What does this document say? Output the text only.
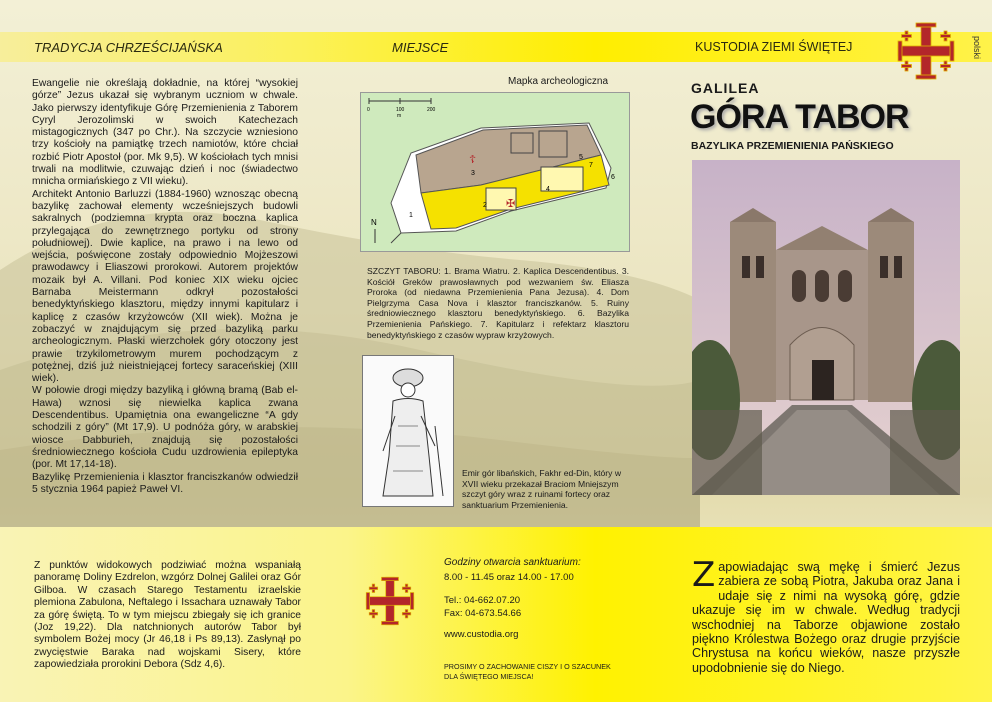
TRADYCJA CHRZEŚCIJAŃSKA	MIEJSCE	KUSTODIA ZIEMI ŚWIĘTEJ	polski

Ewangelie nie określają dokładnie, na której “wysokiej górze” Jezus ukazał się wybranym uczniom w chwale. Jako pierwszy identyfikuje Górę Przemienienia z Taborem Cyryl Jerozolimski w swoich Katechezach mistagogicznych (347 po Chr.). Na szczycie wzniesiono trzy kościoły na pamiątkę trzech namiotów, które chciał rozbić Piotr Apostoł (por. Mk 9,5). W kościołach tych mnisi trwali na modlitwie, czuwając dzień i noc (świadectwo mnicha ormiańskiego z VII wieku).

Architekt Antonio Barluzzi (1884-1960) wznosząc obecną bazylikę zachował elementy wcześniejszych budowli sakralnych (podziemna krypta oraz boczna kaplica przylegająca do zewnętrznego portyku od strony południowej). Dwie kaplice, na prawo i na lewo od wejścia, poświęcone zostały odpowiednio Mojżeszowi prawodawcy i Eliaszowi prorokowi. Autorem projektów mozaik był A. Villani. Pod koniec XIX wieku ojciec Barnaba Meistermann odkrył pozostałości benedyktyńskiego klasztoru, między innymi kapitularz i kaplicę z czasów krzyżowców (XII wiek). Można je zobaczyć w znajdującym się przed bazyliką parku archeologicznym. Płaski wierzchołek góry otoczony jest prawie trzykilometrowym murem pochodzącym z potężnej, dziś już nieistniejącej fortecy saraceńskiej (XIII wiek).

W połowie drogi między bazyliką i główną bramą (Bab el-Hawa) wznosi się niewielka kaplica zwana Descendentibus. Upamiętnia ona ewangeliczne “A gdy schodzili z góry” (Mt 17,9). U podnóża góry, w arabskiej wiosce Dabburieh, znajdują się pozostałości średniowiecznego kościoła Cudu uzdrowienia epileptyka (por. Mt 17,14-18).

Bazylikę Przemienienia i klasztor franciszkanów odwiedził 5 stycznia 1964 papież Paweł VI.

Mapka archeologiczna
0	100	200
m
☦
✠
1
2
3
4
5
6
7
N
SZCZYT TABORU: 1. Brama Wiatru. 2. Kaplica Descendentibus. 3. Kościół Greków prawosławnych pod wezwaniem św. Eliasza Proroka (od niedawna Przemienienia Pana Jezusa). 4. Dom Pielgrzyma Casa Nova i klasztor franciszkanów. 5. Ruiny średniowiecznego klasztoru benedyktyńskiego. 6. Bazylika Przemienienia Pańskiego. 7. Kapitularz i refektarz klasztoru benedyktyńskiego z czasów wypraw krzyżowych.
Emir gór libańskich, Fakhr ed-Din, który w XVII wieku przekazał Braciom Mniejszym szczyt góry wraz z ruinami fortecy oraz sanktuarium Przemienienia.
GALILEA
GÓRA TABOR
BAZYLIKA PRZEMIENIENIA PAŃSKIEGO
Z punktów widokowych podziwiać można wspaniałą panoramę Doliny Ezdrelon, wzgórz Dolnej Galilei oraz Gór Gilboa. W czasach Starego Testamentu izraelskie plemiona Zabulona, Neftalego i Issachara uznawały Tabor za górę świętą. To w tym miejscu zbiegały się ich granice (Joz 19,22). Dla natchnionych autorów Tabor był symbolem Bożej mocy (Jr 46,18 i Ps 89,13). Zasłynął po zwycięstwie Baraka nad wojskami Sisery, które zapowiedziała prorokini Debora (Sdz 4,6).
Godziny otwarcia sanktuarium:
8.00 - 11.45 oraz 14.00 - 17.00
Tel.: 04-662.07.20
Fax: 04-673.54.66
www.custodia.org
PROSIMY O ZACHOWANIE CISZY I O SZACUNEK DLA ŚWIĘTEGO MIEJSCA!
Zapowiadając swą mękę i śmierć Jezus zabiera ze sobą Piotra, Jakuba oraz Jana i udaje się z nimi na wysoką górę, gdzie ukazuje się im w chwale. Według tradycji wschodniej na Taborze objawione zostało piękno Królestwa Bożego oraz drugie przyjście Chrystusa na końcu wieków, nasze przyszłe upodobnienie się do Niego.
